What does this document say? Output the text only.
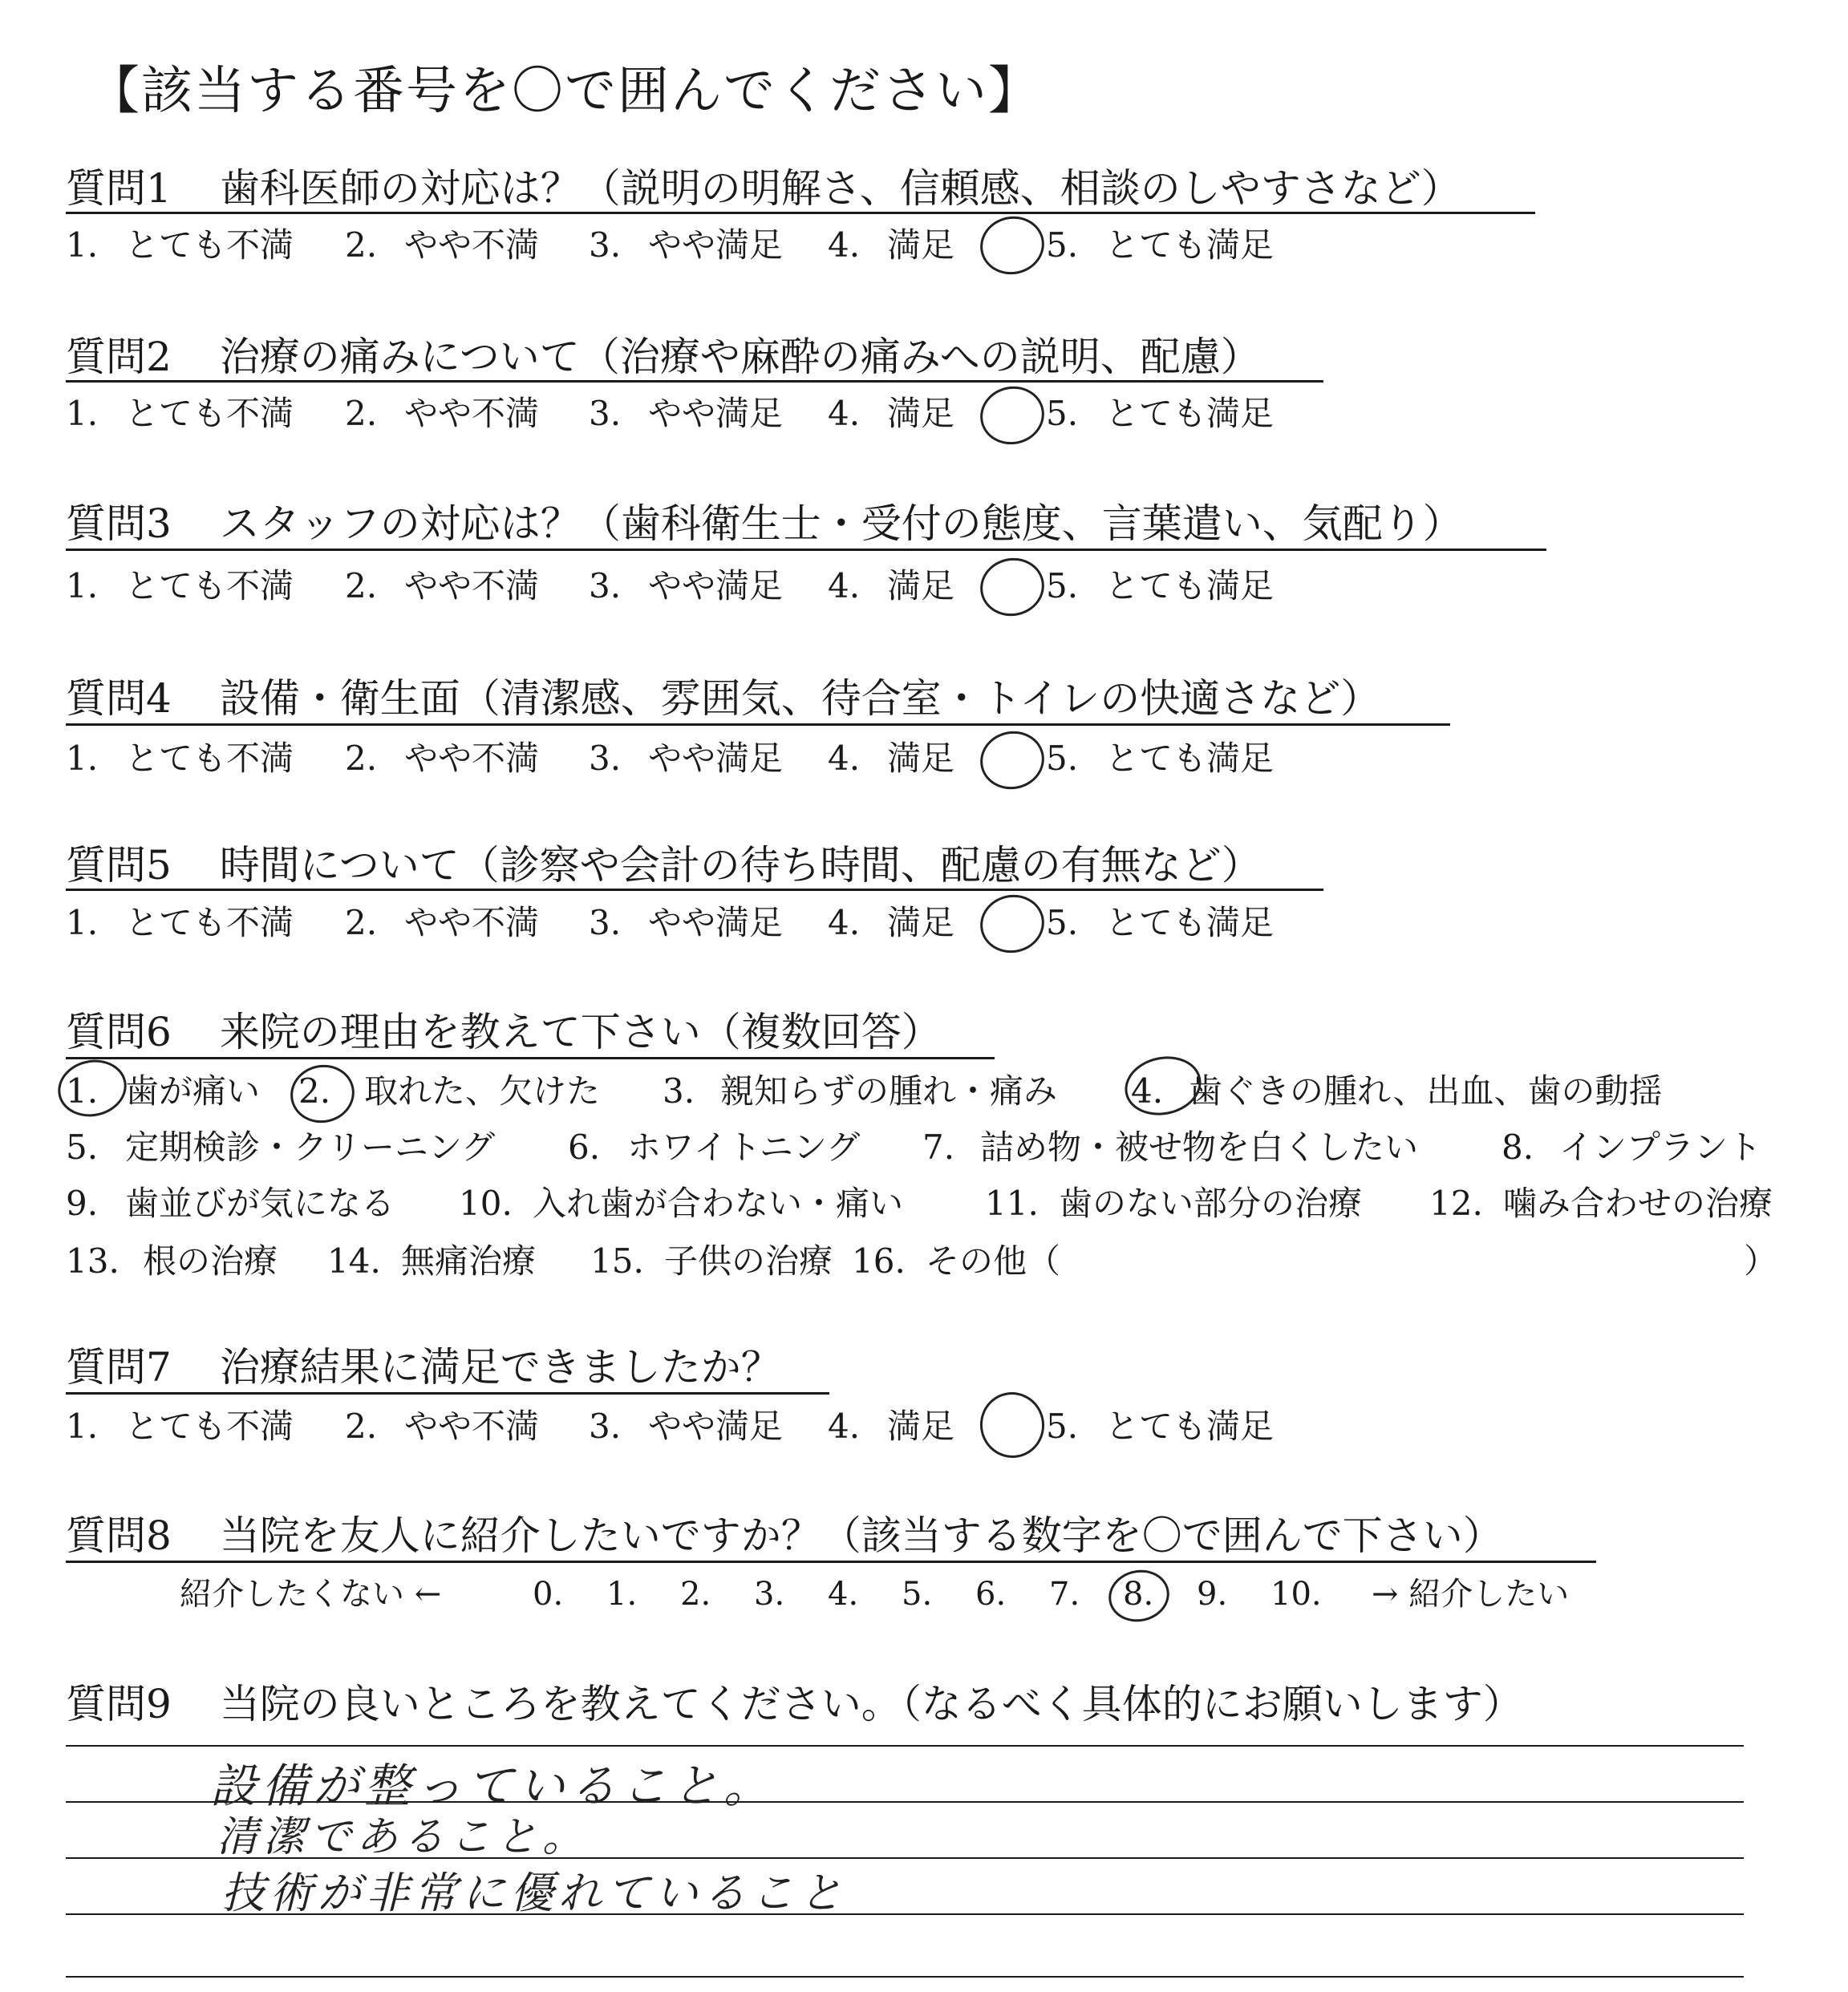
【該当する番号を〇で囲んでください】
質問1 歯科医師の対応は？（説明の明解さ、信頼感、相談のしやすさなど）
1. とても不満 2. やや不満 3. やや満足 4. 満足	5. とても満足
質問2 治療の痛みについて（治療や麻酔の痛みへの説明、配慮）
1. とても不満 2. やや不満 3. やや満足 4. 満足	5. とても満足
質問3 スタッフの対応は？（歯科衛生士・受付の態度、言葉遣い、気配り）
1. とても不満 2. やや不満 3. やや満足 4. 満足	5. とても満足
質問4 設備・衛生面（清潔感、雰囲気、待合室・トイレの快適さなど）
1. とても不満 2. やや不満 3. やや満足 4. 満足	5. とても満足
質問5 時間について（診察や会計の待ち時間、配慮の有無など）
1. とても不満 2. やや不満 3. やや満足 4. 満足	5. とても満足
質問6 来院の理由を教えて下さい（複数回答）
1. 歯が痛い 2. 取れた、欠けた 3. 親知らずの腫れ・痛み 4. 歯ぐきの腫れ、出血、歯の動揺
5. 定期検診・クリーニング 6. ホワイトニング 7. 詰め物・被せ物を白くしたい 8. インプラント
9. 歯並びが気になる 10. 入れ歯が合わない・痛い 11. 歯のない部分の治療 12. 噛み合わせの治療
13. 根の治療 14. 無痛治療 15. 子供の治療 16. その他（	）
質問7 治療結果に満足できましたか？
1. とても不満 2. やや不満 3. やや満足 4. 満足	5. とても満足
質問8 当院を友人に紹介したいですか？（該当する数字を〇で囲んで下さい）
紹介したくない ←	0. 1. 2. 3. 4. 5. 6. 7. 8. 9. 10. → 紹介したい
質問9 当院の良いところを教えてください。（なるべく具体的にお願いします）
設備が整っていること。
清潔であること。
技術が非常に優れていること
